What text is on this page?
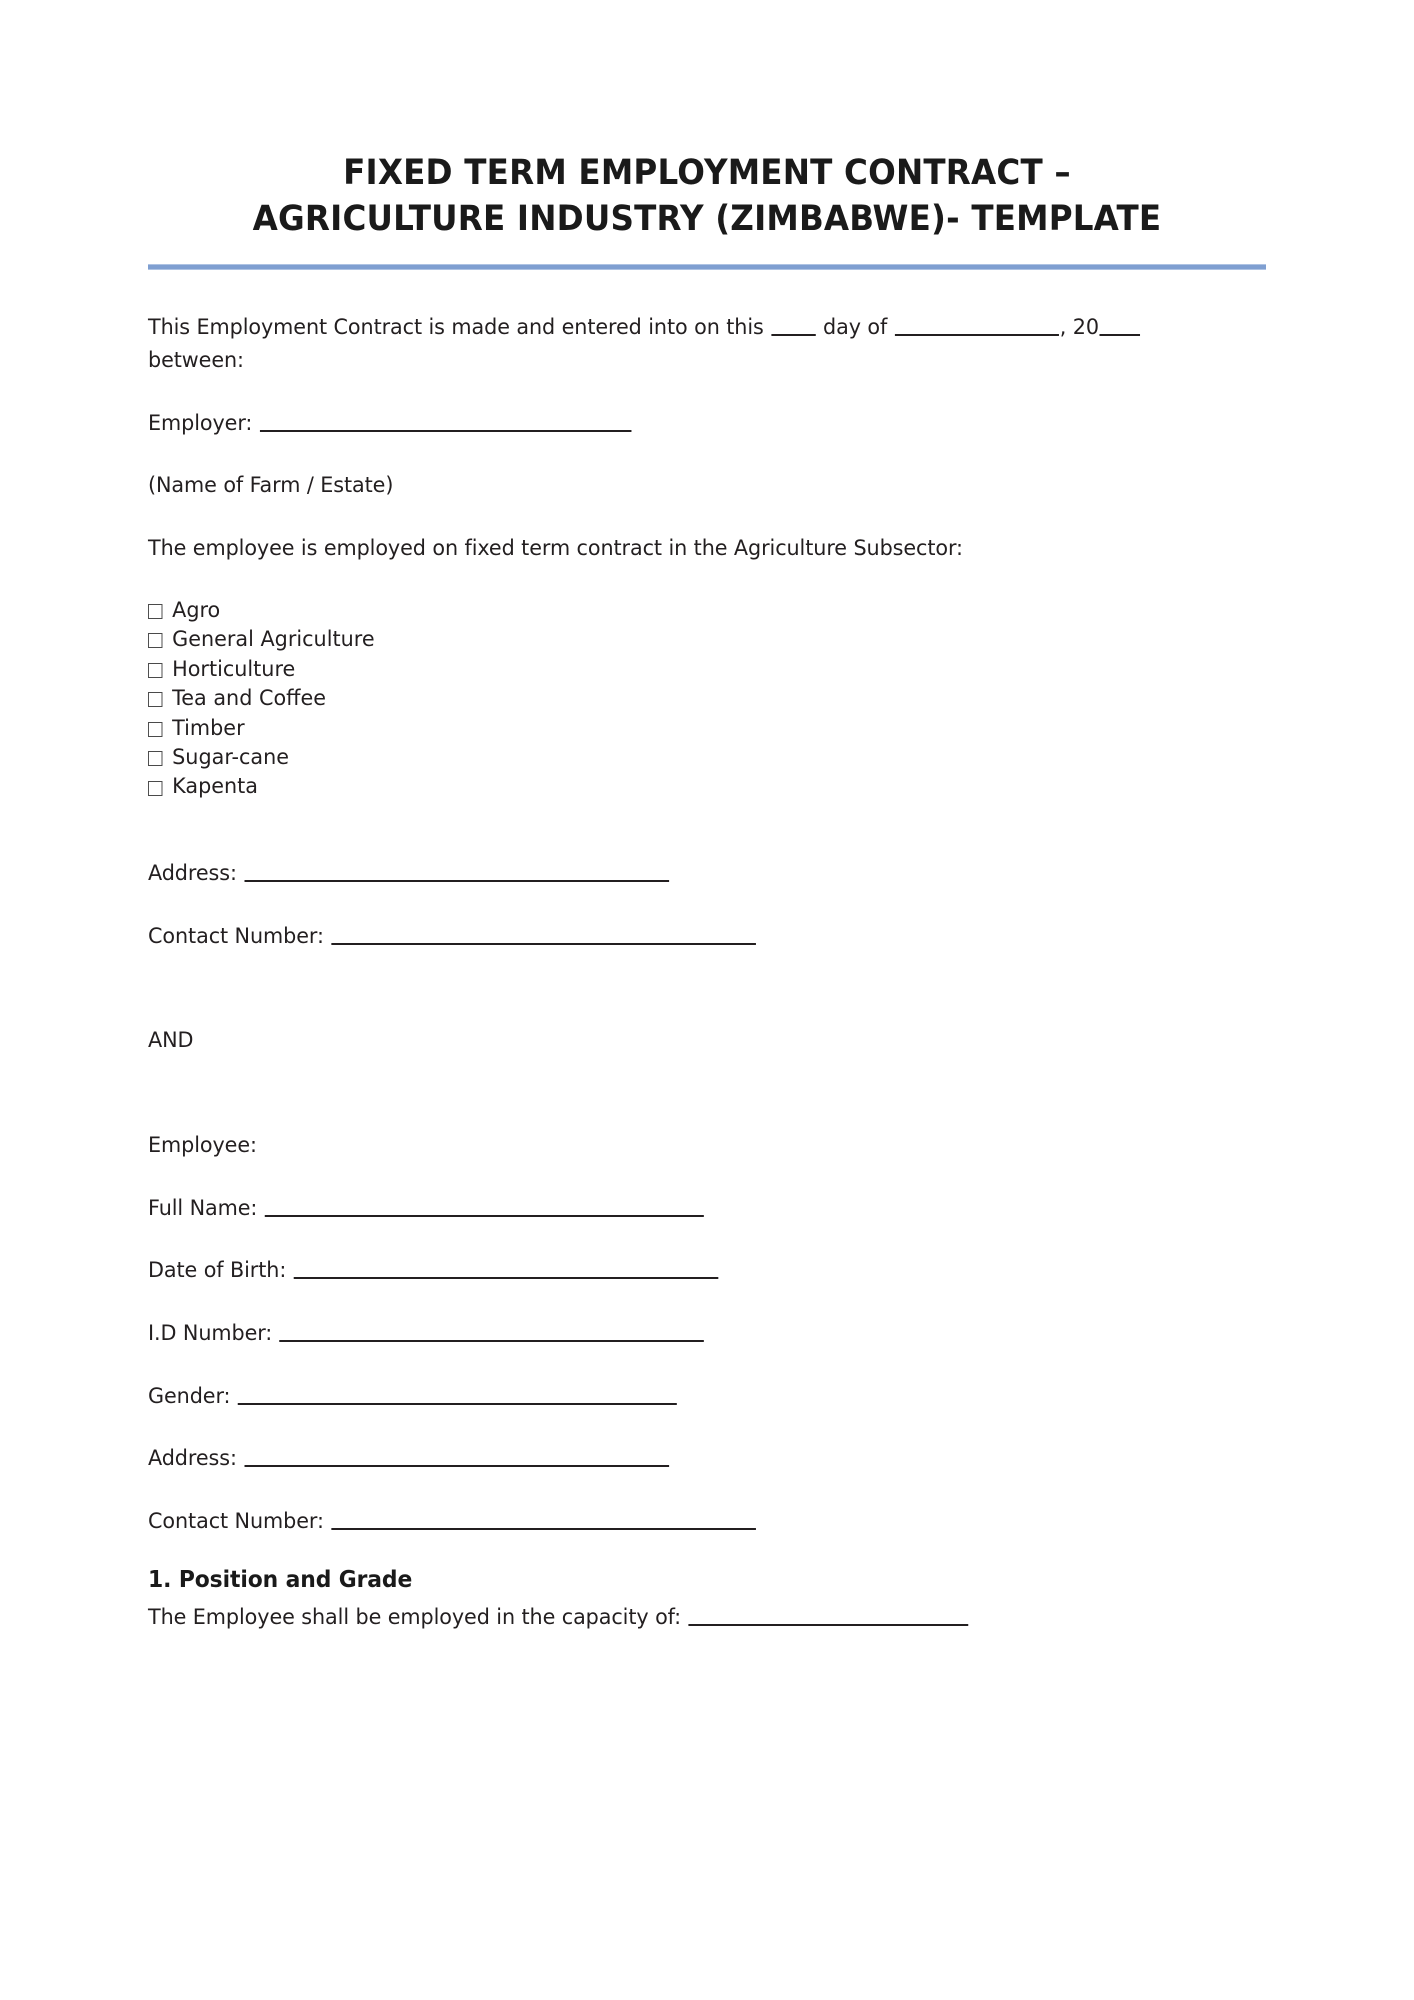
FIXED TERM EMPLOYMENT CONTRACT –
AGRICULTURE INDUSTRY (ZIMBABWE)- TEMPLATE

This Employment Contract is made and entered into on this	day of	, 20 between:

Employer:

(Name of Farm / Estate)

The employee is employed on fixed term contract in the Agriculture Subsector:

Agro
General Agriculture
Horticulture
Tea and Coffee
Timber
Sugar-cane
Kapenta

Address:

Contact Number:

AND

Employee:

Full Name:

Date of Birth:

I.D Number:

Gender:

Address:

Contact Number:

1. Position and Grade

The Employee shall be employed in the capacity of:
